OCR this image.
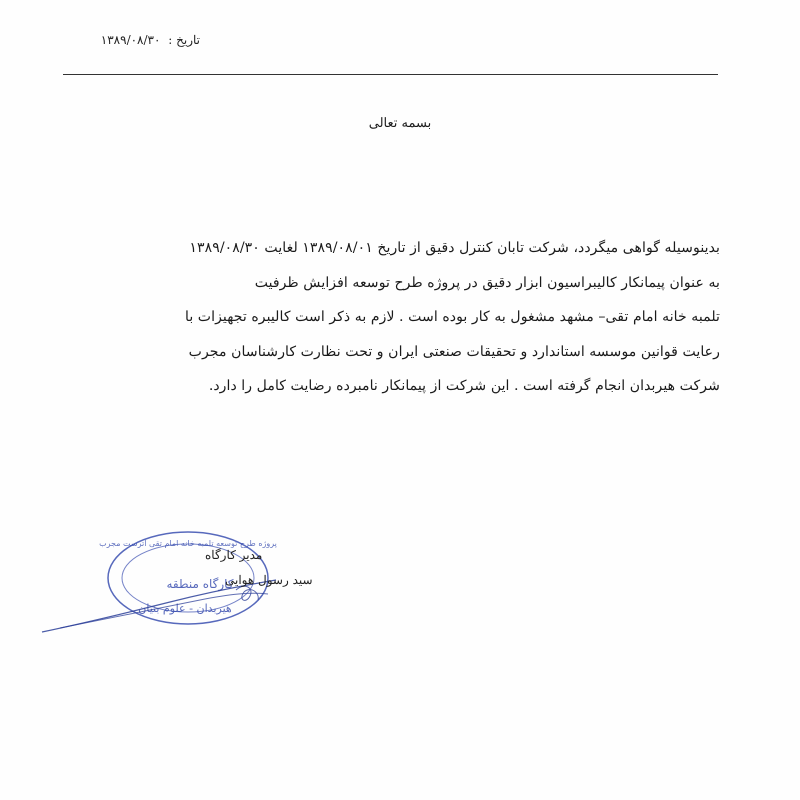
تاریخ : ۱۳۸۹/۰۸/۳۰
بسمه تعالی

بدینوسیله گواهی میگردد، شرکت تابان کنترل دقیق از تاریخ ۱۳۸۹/۰۸/۰۱ لغایت ۱۳۸۹/۰۸/۳۰

به عنوان پیمانکار کالیبراسیون ابزار دقیق در پروژه طرح توسعه افزایش ظرفیت

تلمبه خانه امام تقی– مشهد مشغول به کار بوده است . لازم به ذکر است کالیبره تجهیزات با

رعایت قوانین موسسه استاندارد و تحقیقات صنعتی ایران و تحت نظارت کارشناسان مجرب

شرکت هیربدان انجام گرفته است . این شرکت از پیمانکار نامبرده رضایت کامل را دارد.

پروژه طرح توسعه تلمبه خانه امام تقی اترست مجرب
کارگاه منطقه
هیربدان - علوم بنیان
مدیر کارگاه
سید رسول هوایی
